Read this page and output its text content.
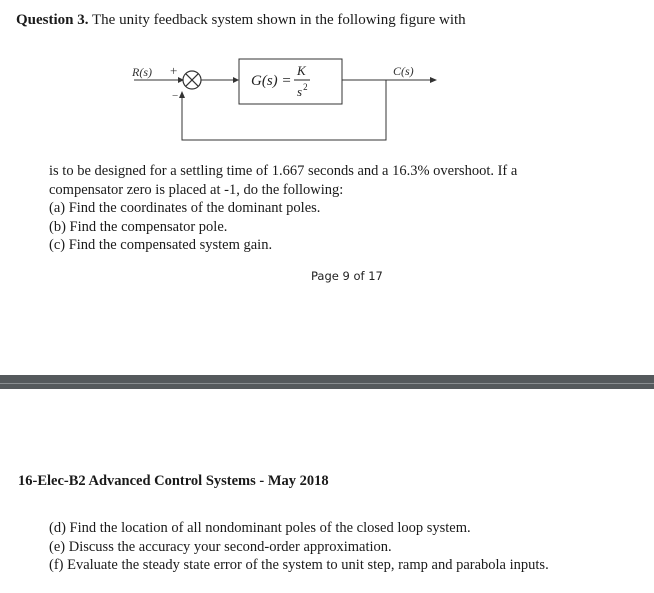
Question 3. The unity feedback system shown in the following figure with
R(s) +
−
G(s) =
K
$s^2$
C(s)
is to be designed for a settling time of 1.667 seconds and a 16.3% overshoot. If a
compensator zero is placed at -1, do the following:
(a) Find the coordinates of the dominant poles.
(b) Find the compensator pole.
(c) Find the compensated system gain.
Page 9 of 17
16-Elec-B2 Advanced Control Systems - May 2018
(d) Find the location of all nondominant poles of the closed loop system.
(e) Discuss the accuracy your second-order approximation.
(f) Evaluate the steady state error of the system to unit step, ramp and parabola inputs.
